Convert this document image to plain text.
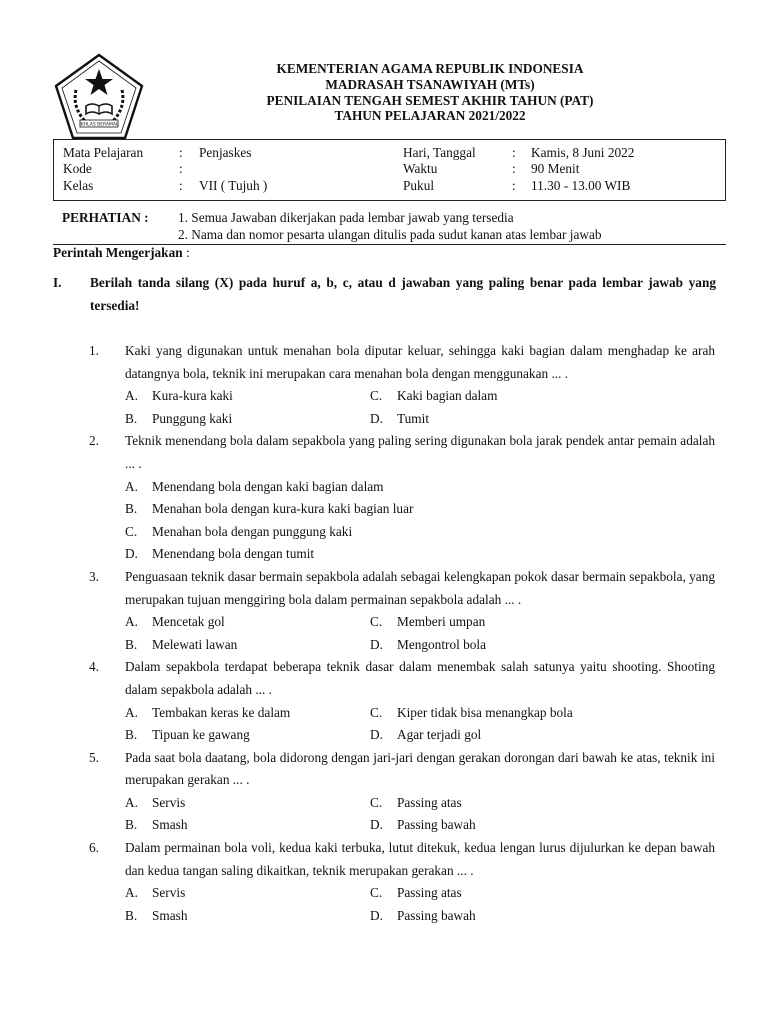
IKHLAS BERAMAL
KEMENTERIAN AGAMA REPUBLIK INDONESIA
MADRASAH TSANAWIYAH (MTs)
PENILAIAN TENGAH SEMEST AKHIR TAHUN (PAT)
TAHUN PELAJARAN 2021/2022
Mata Pelajaran	: Penjaskes	Hari, Tanggal	: Kamis, 8 Juni 2022
Kode	:	Waktu	: 90 Menit
Kelas	: VII ( Tujuh )	Pukul	: 11.30 - 13.00 WIB
PERHATIAN : 1. Semua Jawaban dikerjakan pada lembar jawab yang tersedia
2. Nama dan nomor pesarta ulangan ditulis pada sudut kanan atas lembar jawab
Perintah Mengerjakan :
I. Berilah tanda silang (X) pada huruf a, b, c, atau d jawaban yang paling benar pada lembar jawab yang tersedia!
1. Kaki yang digunakan untuk menahan bola diputar keluar, sehingga kaki bagian dalam menghadap ke arah datangnya bola, teknik ini merupakan cara menahan bola dengan menggunakan ... .
A. Kura-kura kaki	C. Kaki bagian dalam
B. Punggung kaki	D. Tumit
2. Teknik menendang bola dalam sepakbola yang paling sering digunakan bola jarak pendek antar pemain adalah ... .
A. Menendang bola dengan kaki bagian dalam
B. Menahan bola dengan kura-kura kaki bagian luar
C. Menahan bola dengan punggung kaki
D. Menendang bola dengan tumit
3. Penguasaan teknik dasar bermain sepakbola adalah sebagai kelengkapan pokok dasar bermain sepakbola, yang merupakan tujuan menggiring bola dalam permainan sepakbola adalah ... .
A. Mencetak gol	C. Memberi umpan
B. Melewati lawan	D. Mengontrol bola
4. Dalam sepakbola terdapat beberapa teknik dasar dalam menembak salah satunya yaitu shooting. Shooting dalam sepakbola adalah ... .
A. Tembakan keras ke dalam	C. Kiper tidak bisa menangkap bola
B. Tipuan ke gawang	D. Agar terjadi gol
5. Pada saat bola daatang, bola didorong dengan jari-jari dengan gerakan dorongan dari bawah ke atas, teknik ini merupakan gerakan ... .
A. Servis	C. Passing atas
B. Smash	D. Passing bawah
6. Dalam permainan bola voli, kedua kaki terbuka, lutut ditekuk, kedua lengan lurus dijulurkan ke depan bawah dan kedua tangan saling dikaitkan, teknik merupakan gerakan ... .
A. Servis	C. Passing atas
B. Smash	D. Passing bawah
